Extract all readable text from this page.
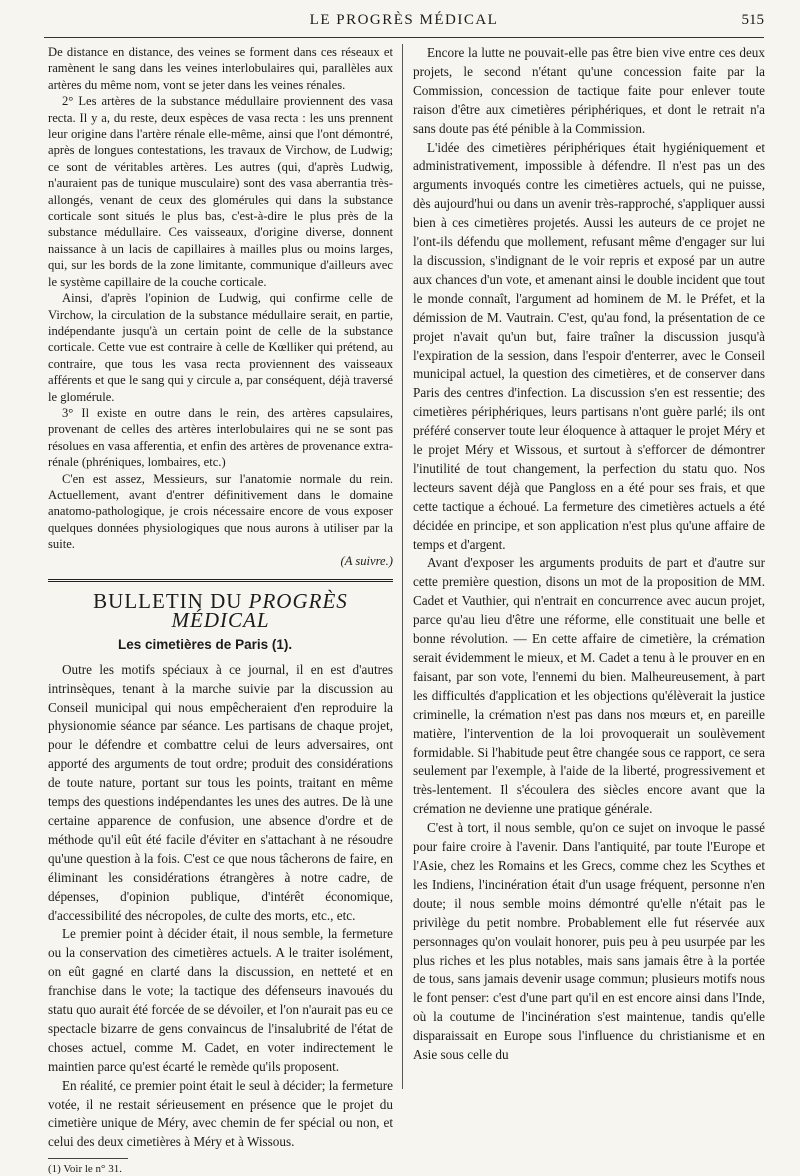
LE PROGRÈS MÉDICAL	515

De distance en distance, des veines se forment dans ces réseaux et ramènent le sang dans les veines interlobulaires qui, parallèles aux artères du même nom, vont se jeter dans les veines rénales.

2° Les artères de la substance médullaire proviennent des vasa recta. Il y a, du reste, deux espèces de vasa recta : les uns prennent leur origine dans l'artère rénale elle-même, ainsi que l'ont démontré, après de longues contestations, les travaux de Virchow, de Ludwig; ce sont de véritables artères. Les autres (qui, d'après Ludwig, n'auraient pas de tunique musculaire) sont des vasa aberrantia très-allongés, venant de ceux des glomérules qui dans la substance corticale sont situés le plus bas, c'est-à-dire le plus près de la substance médullaire. Ces vaisseaux, d'origine diverse, donnent naissance à un lacis de capillaires à mailles plus ou moins larges, qui, sur les bords de la zone limitante, communique d'ailleurs avec le système capillaire de la couche corticale.

Ainsi, d'après l'opinion de Ludwig, qui confirme celle de Virchow, la circulation de la substance médullaire serait, en partie, indépendante jusqu'à un certain point de celle de la substance corticale. Cette vue est contraire à celle de Kœlliker qui prétend, au contraire, que tous les vasa recta proviennent des vaisseaux afférents et que le sang qui y circule a, par conséquent, déjà traversé le glomérule.

3° Il existe en outre dans le rein, des artères capsulaires, provenant de celles des artères interlobulaires qui ne se sont pas résolues en vasa afferentia, et enfin des artères de provenance extra-rénale (phréniques, lombaires, etc.)

C'en est assez, Messieurs, sur l'anatomie normale du rein. Actuellement, avant d'entrer définitivement dans le domaine anatomo-pathologique, je crois nécessaire encore de vous exposer quelques données physiologiques que nous aurons à utiliser par la suite.

(A suivre.)

BULLETIN DU PROGRÈS MÉDICAL

Les cimetières de Paris (1).

Outre les motifs spéciaux à ce journal, il en est d'autres intrinsèques, tenant à la marche suivie par la discussion au Conseil municipal qui nous empêcheraient d'en reproduire la physionomie séance par séance. Les partisans de chaque projet, pour le défendre et combattre celui de leurs adversaires, ont apporté des arguments de tout ordre; produit des considérations de toute nature, portant sur tous les points, traitant en même temps des questions indépendantes les unes des autres. De là une certaine apparence de confusion, une absence d'ordre et de méthode qu'il eût été facile d'éviter en s'attachant à ne résoudre qu'une question à la fois. C'est ce que nous tâcherons de faire, en éliminant les considérations étrangères à notre cadre, de dépenses, d'opinion publique, d'intérêt économique, d'accessibilité des nécropoles, de culte des morts, etc., etc.

Le premier point à décider était, il nous semble, la fermeture ou la conservation des cimetières actuels. A le traiter isolément, on eût gagné en clarté dans la discussion, en netteté et en franchise dans le vote; la tactique des défenseurs inavoués du statu quo aurait été forcée de se dévoiler, et l'on n'aurait pas eu ce spectacle bizarre de gens convaincus de l'insalubrité de l'état de choses actuel, comme M. Cadet, en voter indirectement le maintien parce qu'est écarté le remède qu'ils proposent.

En réalité, ce premier point était le seul à décider; la fermeture votée, il ne restait sérieusement en présence que le projet du cimetière unique de Méry, avec chemin de fer spécial ou non, et celui des deux cimetières à Méry et à Wissous.

(1) Voir le n° 31.

Encore la lutte ne pouvait-elle pas être bien vive entre ces deux projets, le second n'étant qu'une concession faite par la Commission, concession de tactique faite pour enlever toute raison d'être aux cimetières périphériques, et dont le retrait n'a sans doute pas été pénible à la Commission.

L'idée des cimetières périphériques était hygiéniquement et administrativement, impossible à défendre. Il n'est pas un des arguments invoqués contre les cimetières actuels, qui ne puisse, dès aujourd'hui ou dans un avenir très-rapproché, s'appliquer aussi bien à ces cimetières projetés. Aussi les auteurs de ce projet ne l'ont-ils défendu que mollement, refusant même d'engager sur lui la discussion, s'indignant de le voir repris et exposé par un autre aux chances d'un vote, et amenant ainsi le double incident que tout le monde connaît, l'argument ad hominem de M. le Préfet, et la démission de M. Vautrain. C'est, qu'au fond, la présentation de ce projet n'avait qu'un but, faire traîner la discussion jusqu'à l'expiration de la session, dans l'espoir d'enterrer, avec le Conseil municipal actuel, la question des cimetières, et de conserver dans Paris des centres d'infection. La discussion s'en est ressentie; des cimetières périphériques, leurs partisans n'ont guère parlé; ils ont préféré conserver toute leur éloquence à attaquer le projet Méry et le projet Méry et Wissous, et surtout à s'efforcer de démontrer l'inutilité de tout changement, la perfection du statu quo. Nos lecteurs savent déjà que Pangloss en a été pour ses frais, et que cette tactique a échoué. La fermeture des cimetières actuels a été décidée en principe, et son application n'est plus qu'une affaire de temps et d'argent.

Avant d'exposer les arguments produits de part et d'autre sur cette première question, disons un mot de la proposition de MM. Cadet et Vauthier, qui n'entrait en concurrence avec aucun projet, parce qu'au lieu d'être une réforme, elle constituait une belle et bonne révolution. — En cette affaire de cimetière, la crémation serait évidemment le mieux, et M. Cadet a tenu à le prouver en en faisant, par son vote, l'ennemi du bien. Malheureusement, à part les difficultés d'application et les objections qu'élèverait la justice criminelle, la crémation n'est pas dans nos mœurs et, en pareille matière, l'intervention de la loi provoquerait un soulèvement formidable. Si l'habitude peut être changée sous ce rapport, ce sera seulement par l'exemple, à l'aide de la liberté, progressivement et très-lentement. Il s'écoulera des siècles encore avant que la crémation ne devienne une pratique générale.

C'est à tort, il nous semble, qu'on ce sujet on invoque le passé pour faire croire à l'avenir. Dans l'antiquité, par toute l'Europe et l'Asie, chez les Romains et les Grecs, comme chez les Scythes et les Indiens, l'incinération était d'un usage fréquent, personne n'en doute; il nous semble moins démontré qu'elle n'était pas le privilège du petit nombre. Probablement elle fut réservée aux personnages qu'on voulait honorer, puis peu à peu usurpée par les plus riches et les plus notables, mais sans jamais être à la portée de tous, sans jamais devenir usage commun; plusieurs motifs nous le font penser: c'est d'une part qu'il en est encore ainsi dans l'Inde, où la coutume de l'incinération s'est maintenue, tandis qu'elle disparaissait en Europe sous l'influence du christianisme et en Asie sous celle du
